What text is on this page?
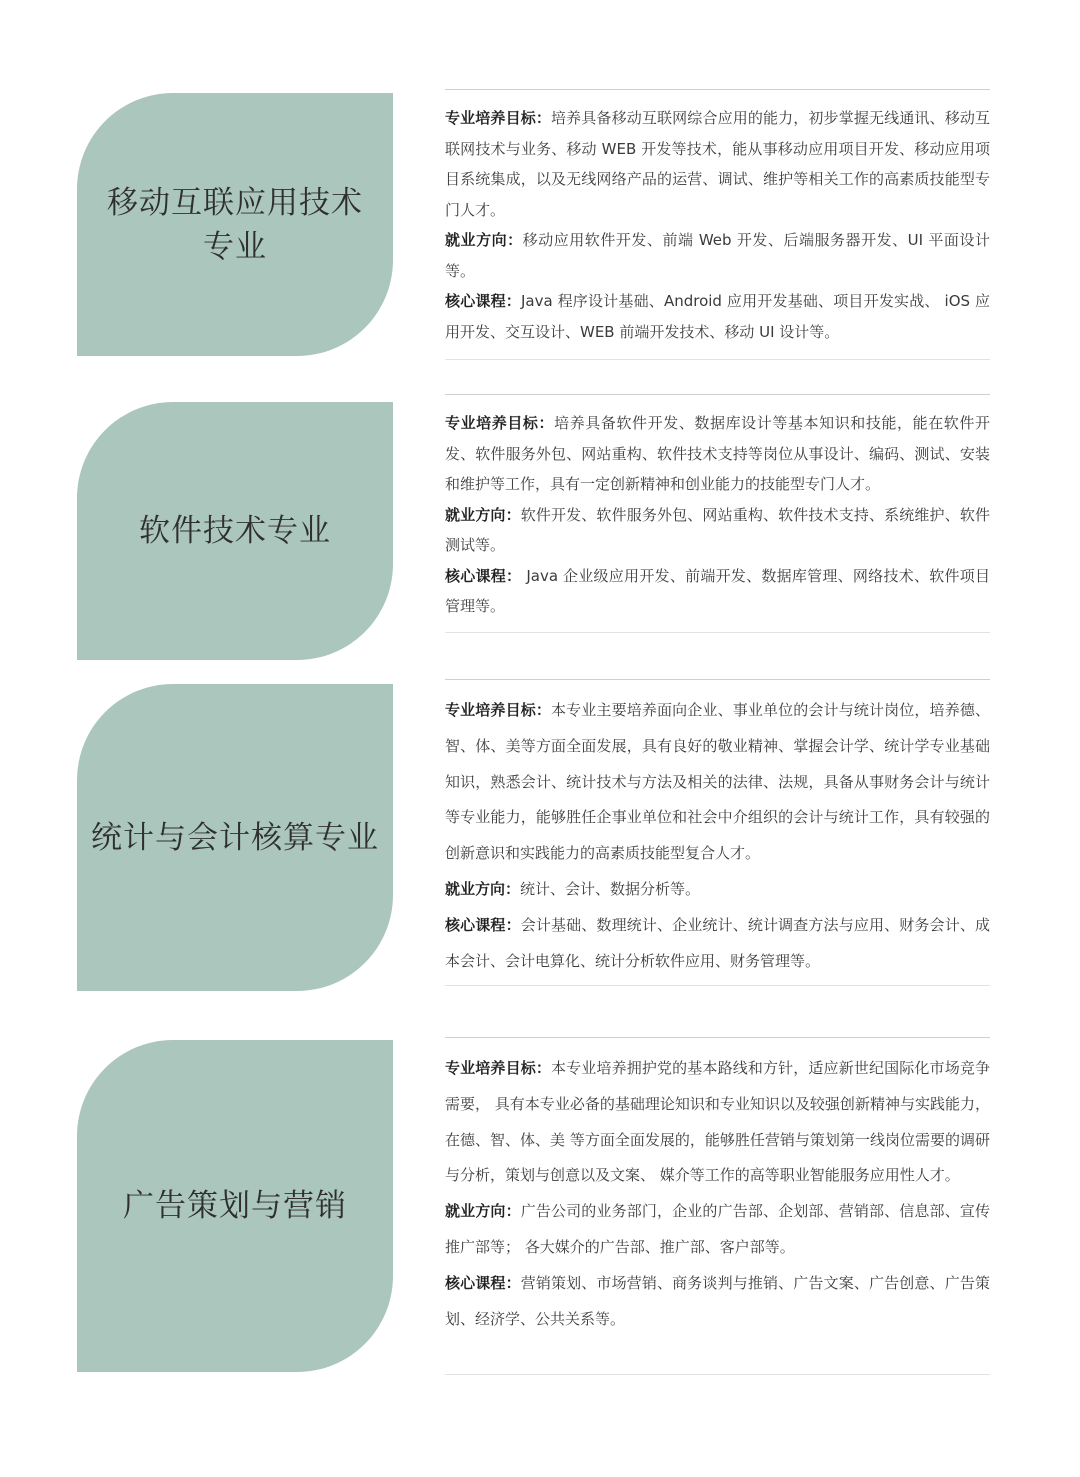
移动互联应用技术
专业

专业培养目标：培养具备移动互联网综合应用的能力，初步掌握无线通讯、移动互联网技术与业务、移动 WEB 开发等技术，能从事移动应用项目开发、移动应用项目系统集成，以及无线网络产品的运营、调试、维护等相关工作的高素质技能型专门人才。

就业方向：移动应用软件开发、前端 Web 开发、后端服务器开发、UI 平面设计等。

核心课程：Java 程序设计基础、Android 应用开发基础、项目开发实战、 iOS 应用开发、交互设计、WEB 前端开发技术、移动 UI 设计等。

软件技术专业

专业培养目标：培养具备软件开发、数据库设计等基本知识和技能，能在软件开发、软件服务外包、网站重构、软件技术支持等岗位从事设计、编码、测试、安装和维护等工作，具有一定创新精神和创业能力的技能型专门人才。

就业方向：软件开发、软件服务外包、网站重构、软件技术支持、系统维护、软件测试等。

核心课程： Java 企业级应用开发、前端开发、数据库管理、网络技术、软件项目管理等。

统计与会计核算专业

专业培养目标：本专业主要培养面向企业、事业单位的会计与统计岗位，培养德、智、体、美等方面全面发展，具有良好的敬业精神、掌握会计学、统计学专业基础知识，熟悉会计、统计技术与方法及相关的法律、法规，具备从事财务会计与统计等专业能力，能够胜任企事业单位和社会中介组织的会计与统计工作，具有较强的创新意识和实践能力的高素质技能型复合人才。

就业方向：统计、会计、数据分析等。

核心课程：会计基础、数理统计、企业统计、统计调查方法与应用、财务会计、成本会计、会计电算化、统计分析软件应用、财务管理等。

广告策划与营销

专业培养目标：本专业培养拥护党的基本路线和方针，适应新世纪国际化市场竞争需要， 具有本专业必备的基础理论知识和专业知识以及较强创新精神与实践能力，在德、智、体、美 等方面全面发展的，能够胜任营销与策划第一线岗位需要的调研与分析，策划与创意以及文案、 媒介等工作的高等职业智能服务应用性人才。

就业方向：广告公司的业务部门，企业的广告部、企划部、营销部、信息部、宣传推广部等； 各大媒介的广告部、推广部、客户部等。

核心课程：营销策划、市场营销、商务谈判与推销、广告文案、广告创意、广告策划、经济学、公共关系等。
